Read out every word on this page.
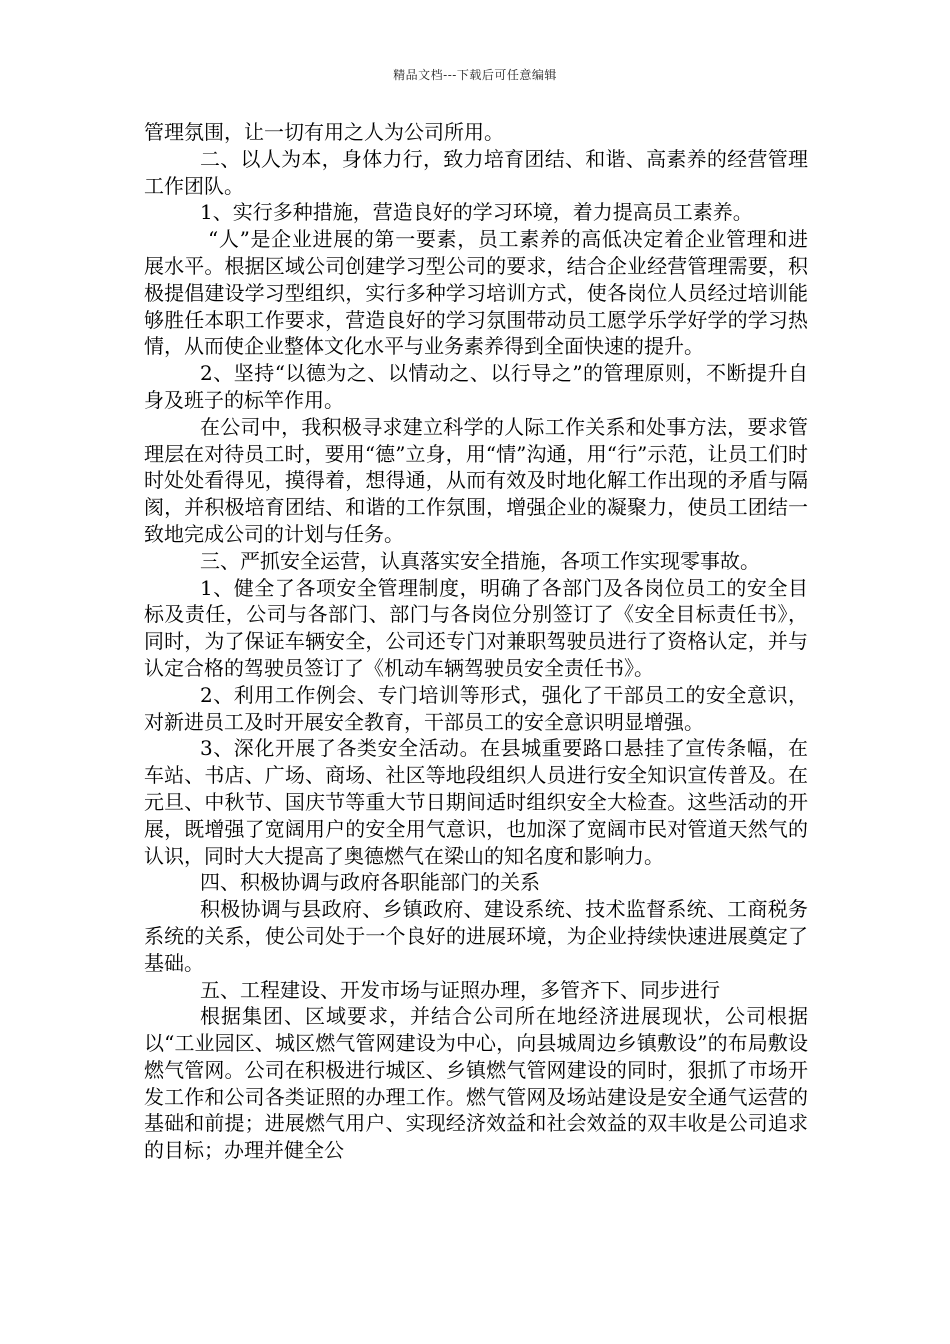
精品文档---下载后可任意编辑

管理氛围，让一切有用之人为公司所用。

二、以人为本，身体力行，致力培育团结、和谐、高素养的经营管理工作团队。

1、实行多种措施，营造良好的学习环境，着力提高员工素养。

“人”是企业进展的第一要素，员工素养的高低决定着企业管理和进展水平。根据区域公司创建学习型公司的要求，结合企业经营管理需要，积极提倡建设学习型组织，实行多种学习培训方式，使各岗位人员经过培训能够胜任本职工作要求，营造良好的学习氛围带动员工愿学乐学好学的学习热情，从而使企业整体文化水平与业务素养得到全面快速的提升。

2、坚持“以德为之、以情动之、以行导之”的管理原则，不断提升自身及班子的标竿作用。

在公司中，我积极寻求建立科学的人际工作关系和处事方法，要求管理层在对待员工时，要用“德”立身，用“情”沟通，用“行”示范，让员工们时时处处看得见，摸得着，想得通，从而有效及时地化解工作出现的矛盾与隔阂，并积极培育团结、和谐的工作氛围，增强企业的凝聚力，使员工团结一致地完成公司的计划与任务。

三、严抓安全运营，认真落实安全措施，各项工作实现零事故。

1、健全了各项安全管理制度，明确了各部门及各岗位员工的安全目标及责任，公司与各部门、部门与各岗位分别签订了《安全目标责任书》，同时，为了保证车辆安全，公司还专门对兼职驾驶员进行了资格认定，并与认定合格的驾驶员签订了《机动车辆驾驶员安全责任书》。

2、利用工作例会、专门培训等形式，强化了干部员工的安全意识，对新进员工及时开展安全教育，干部员工的安全意识明显增强。

3、深化开展了各类安全活动。在县城重要路口悬挂了宣传条幅，在车站、书店、广场、商场、社区等地段组织人员进行安全知识宣传普及。在元旦、中秋节、国庆节等重大节日期间适时组织安全大检查。这些活动的开展，既增强了宽阔用户的安全用气意识，也加深了宽阔市民对管道天然气的认识，同时大大提高了奥德燃气在梁山的知名度和影响力。

四、积极协调与政府各职能部门的关系

积极协调与县政府、乡镇政府、建设系统、技术监督系统、工商税务系统的关系，使公司处于一个良好的进展环境，为企业持续快速进展奠定了基础。

五、工程建设、开发市场与证照办理，多管齐下、同步进行

根据集团、区域要求，并结合公司所在地经济进展现状，公司根据以“工业园区、城区燃气管网建设为中心，向县城周边乡镇敷设”的布局敷设燃气管网。公司在积极进行城区、乡镇燃气管网建设的同时，狠抓了市场开发工作和公司各类证照的办理工作。燃气管网及场站建设是安全通气运营的基础和前提；进展燃气用户、实现经济效益和社会效益的双丰收是公司追求的目标；办理并健全公
